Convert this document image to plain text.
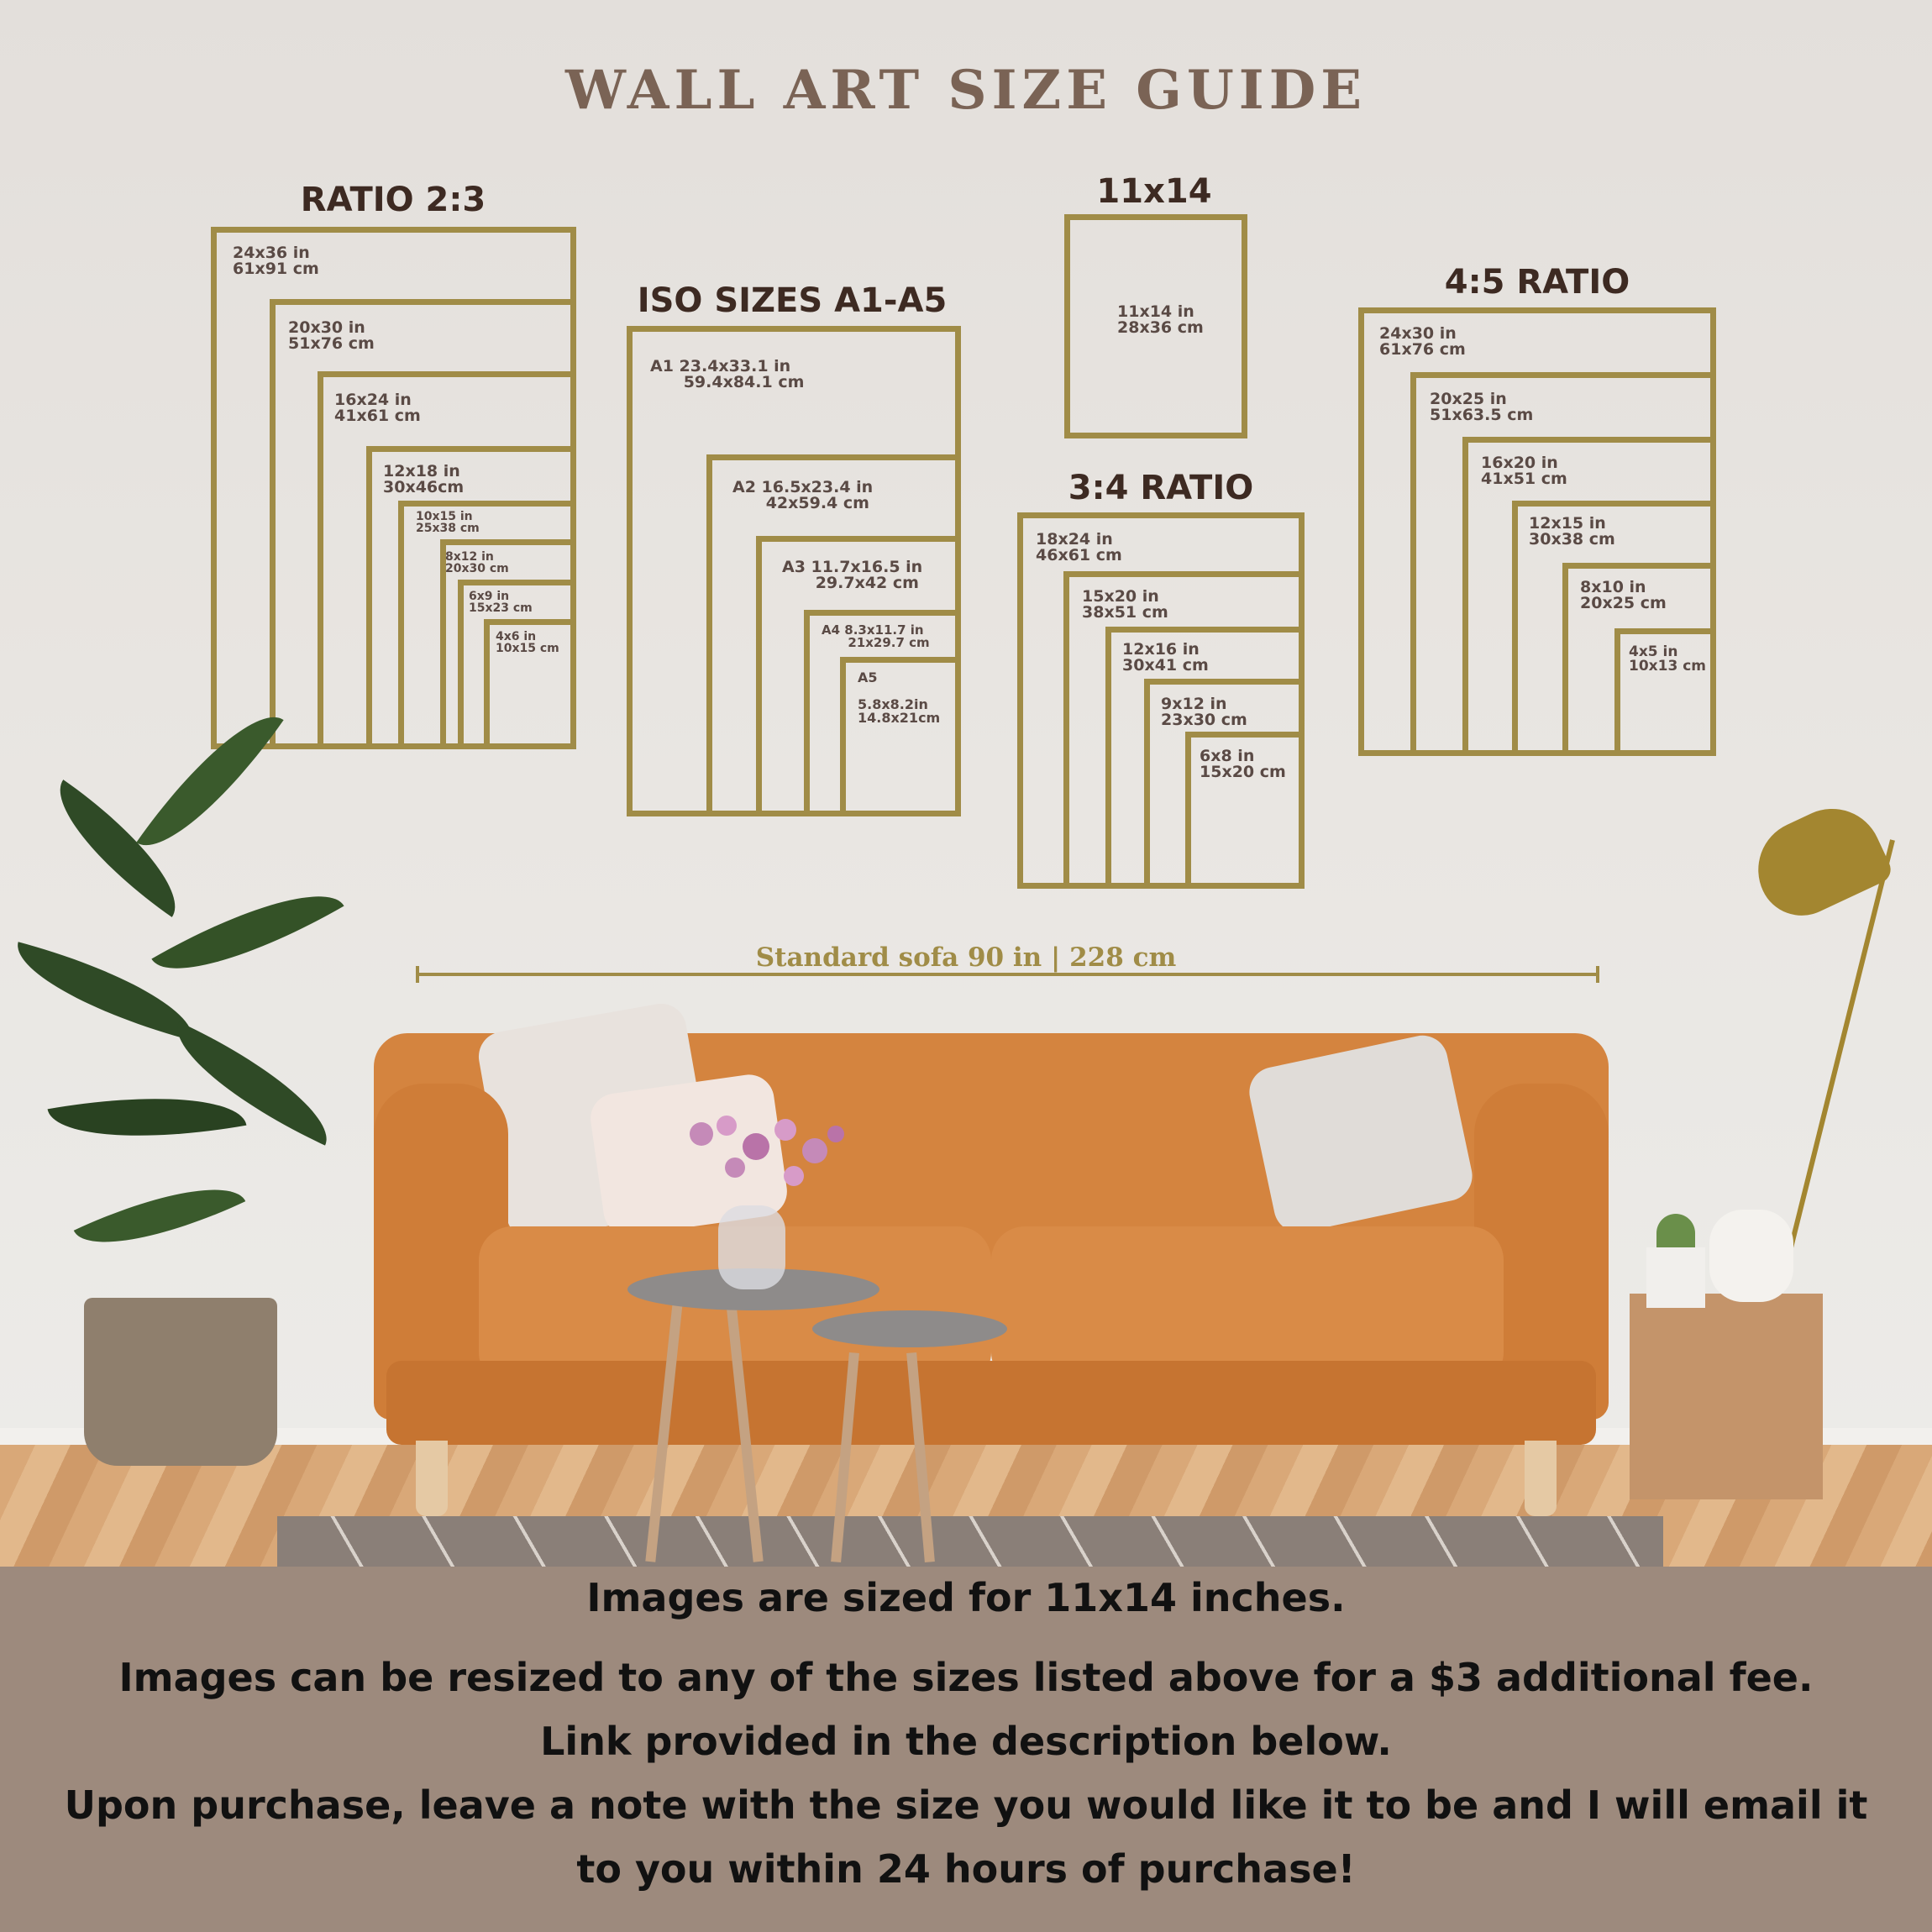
WALL ART SIZE GUIDE
RATIO 2:3
24x36 in
61x91 cm
20x30 in
51x76 cm
16x24 in
41x61 cm
12x18 in
30x46cm
10x15 in
25x38 cm
8x12 in
20x30 cm
6x9 in
15x23 cm
4x6 in
10x15 cm
ISO SIZES A1-A5
A1 23.4x33.1 in
59.4x84.1 cm
A2 16.5x23.4 in
42x59.4 cm
A3 11.7x16.5 in
29.7x42 cm
A4 8.3x11.7 in
21x29.7 cm
A5

5.8x8.2in
14.8x21cm
11x14
11x14 in
28x36 cm
3:4 RATIO
18x24 in
46x61 cm
15x20 in
38x51 cm
12x16 in
30x41 cm
9x12 in
23x30 cm
6x8 in
15x20 cm
4:5 RATIO
24x30 in
61x76 cm
20x25 in
51x63.5 cm
16x20 in
41x51 cm
12x15 in
30x38 cm
8x10 in
20x25 cm
4x5 in
10x13 cm
Standard sofa 90 in | 228 cm
Images are sized for 11x14 inches.
Images can be resized to any of the sizes listed above for a $3 additional fee.
Link provided in the description below.
Upon purchase, leave a note with the size you would like it to be and I will email it
to you within 24 hours of purchase!
